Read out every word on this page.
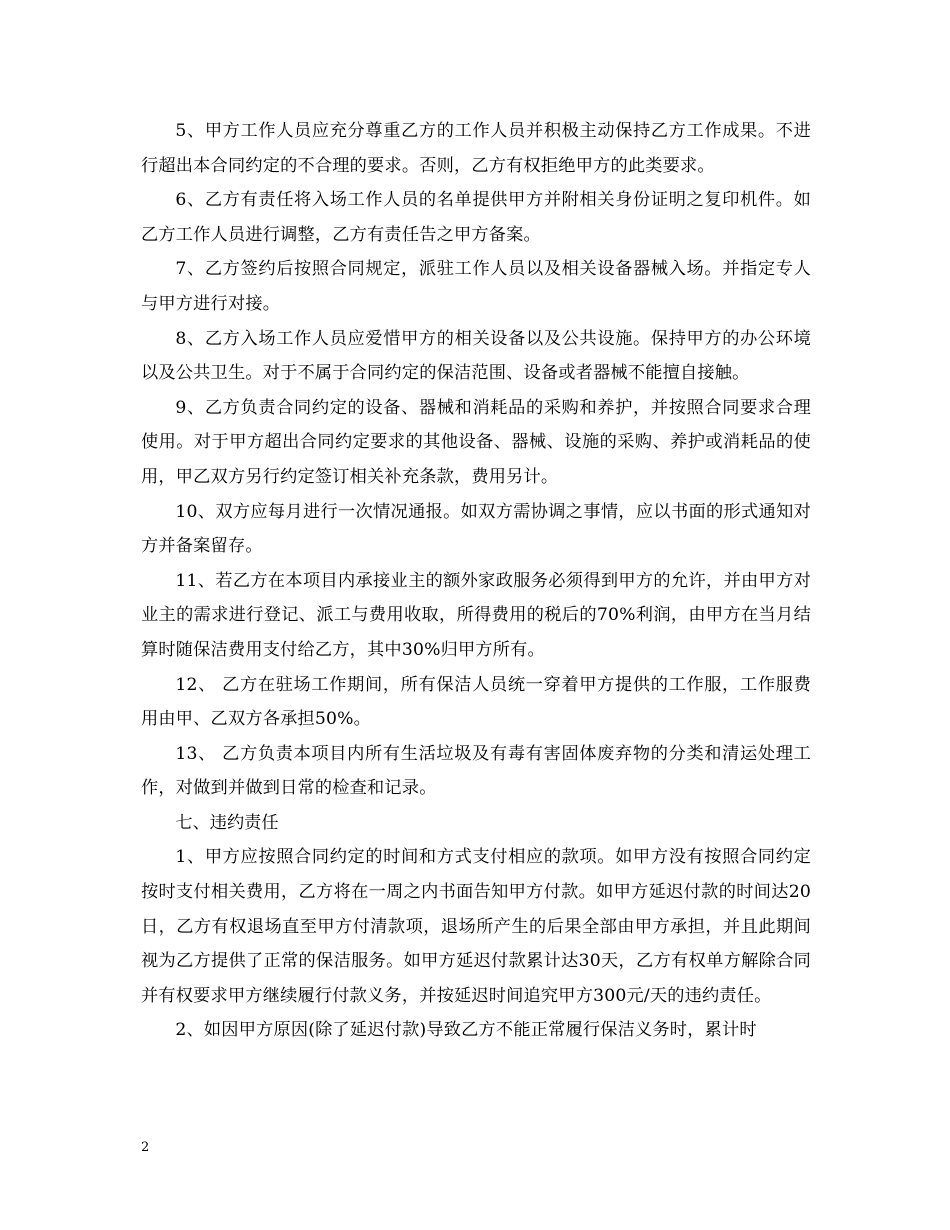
5、甲方工作人员应充分尊重乙方的工作人员并积极主动保持乙方工作成果。不进行超出本合同约定的不合理的要求。否则，乙方有权拒绝甲方的此类要求。

6、乙方有责任将入场工作人员的名单提供甲方并附相关身份证明之复印机件。如乙方工作人员进行调整，乙方有责任告之甲方备案。

7、乙方签约后按照合同规定，派驻工作人员以及相关设备器械入场。并指定专人与甲方进行对接。

8、乙方入场工作人员应爱惜甲方的相关设备以及公共设施。保持甲方的办公环境以及公共卫生。对于不属于合同约定的保洁范围、设备或者器械不能擅自接触。

9、乙方负责合同约定的设备、器械和消耗品的采购和养护，并按照合同要求合理使用。对于甲方超出合同约定要求的其他设备、器械、设施的采购、养护或消耗品的使用，甲乙双方另行约定签订相关补充条款，费用另计。

10、双方应每月进行一次情况通报。如双方需协调之事情，应以书面的形式通知对方并备案留存。

11、若乙方在本项目内承接业主的额外家政服务必须得到甲方的允许，并由甲方对业主的需求进行登记、派工与费用收取，所得费用的税后的70%利润，由甲方在当月结算时随保洁费用支付给乙方，其中30%归甲方所有。

12、 乙方在驻场工作期间，所有保洁人员统一穿着甲方提供的工作服，工作服费用由甲、乙双方各承担50%。

13、 乙方负责本项目内所有生活垃圾及有毒有害固体废弃物的分类和清运处理工作，对做到并做到日常的检查和记录。

七、违约责任

1、甲方应按照合同约定的时间和方式支付相应的款项。如甲方没有按照合同约定按时支付相关费用，乙方将在一周之内书面告知甲方付款。如甲方延迟付款的时间达20日，乙方有权退场直至甲方付清款项，退场所产生的后果全部由甲方承担，并且此期间视为乙方提供了正常的保洁服务。如甲方延迟付款累计达30天，乙方有权单方解除合同并有权要求甲方继续履行付款义务，并按延迟时间追究甲方300元/天的违约责任。

2、如因甲方原因(除了延迟付款)导致乙方不能正常履行保洁义务时，累计时

2
